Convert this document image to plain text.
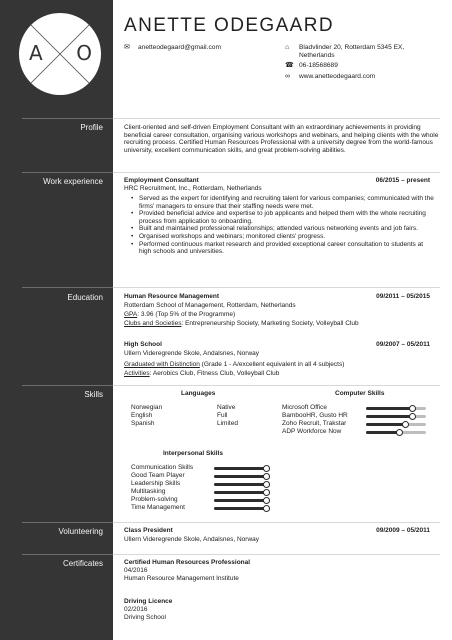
A O
Profile
Work experience
Education
Skills
Volunteering
Certificates
ANETTE ODEGAARD
✉	anetteodegaard@gmail.com	⌂	Bladvlinder 20, Rotterdam 5345 EX,
Netherlands
☎ 06-18568689
∞	www.anetteodegaard.com
Client-oriented and self-driven Employment Consultant with an extraordinary achievements in providing beneficial career consultation, organising various workshops and webinars, and helping clients with the whole recruiting process. Certified Human Resources Professional with a university degree from the world-famous university, excellent communication skills, and great problem-solving abilities.
Employment Consultant	06/2015 – present
HRC Recruitment, Inc., Rotterdam, Netherlands
• Served as the expert for identifying and recruiting talent for various companies; communicated with the firms' managers to ensure that their staffing needs were met.
• Provided beneficial advice and expertise to job applicants and helped them with the whole recruiting process from application to onboarding.
• Built and maintained professional relationships; attended various networking events and job fairs.
• Organised workshops and webinars; monitored clients' progress.
• Performed continuous market research and provided exceptional career consultation to students at high schools and universities.
Human Resource Management	09/2011 – 05/2015
Rotterdam School of Management, Rotterdam, Netherlands
GPA: 3.96 (Top 5% of the Programme)
Clubs and Societies: Entrepreneurship Society, Marketing Society, Volleyball Club
High School	09/2007 – 05/2011
Ullern Videregrende Skole, Andalsnes, Norway
Graduated with Distinction (Grade 1 - A/excellent equivalent in all 4 subjects)
Activities: Aerobics Club, Fitness Club, Volleyball Club
Languages	Computer Skills
Norwegian	Native
English	Full
Spanish	Limited
Microsoft Office
BambooHR, Gusto HR
Zoho Recruit, Trakstar
ADP Workforce Now
Interpersonal Skills
Communication Skills
Good Team Player
Leadership Skills
Multitasking
Problem-solving
Time Management
Class President	09/2009 – 05/2011
Ullern Videregrende Skole, Andalsnes, Norway
Certified Human Resources Professional
04/2016
Human Resource Management Institute
Driving Licence
02/2016
Driving School
